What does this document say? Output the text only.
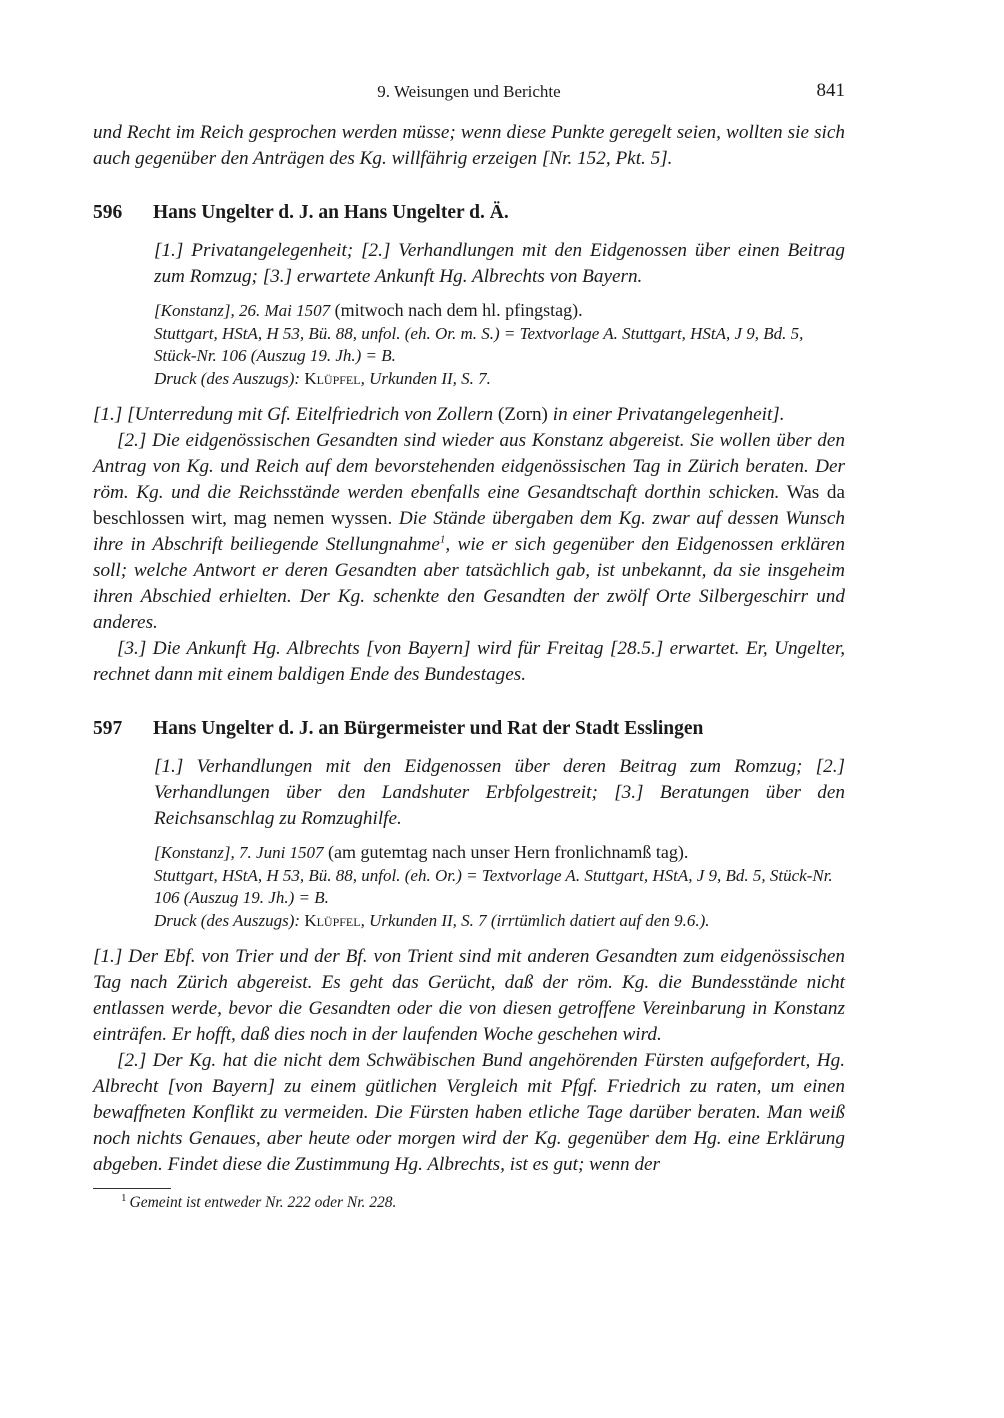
9. Weisungen und Berichte	841

und Recht im Reich gesprochen werden müsse; wenn diese Punkte geregelt seien, wollten sie sich auch gegenüber den Anträgen des Kg. willfährig erzeigen [Nr. 152, Pkt. 5].

596	Hans Ungelter d. J. an Hans Ungelter d. Ä.
[1.] Privatangelegenheit; [2.] Verhandlungen mit den Eidgenossen über einen Beitrag zum Romzug; [3.] erwartete Ankunft Hg. Albrechts von Bayern.
[Konstanz], 26. Mai 1507 (mitwoch nach dem hl. pfingstag).
Stuttgart, HStA, H 53, Bü. 88, unfol. (eh. Or. m. S.) = Textvorlage A. Stuttgart, HStA, J 9, Bd. 5, Stück-Nr. 106 (Auszug 19. Jh.) = B.
Druck (des Auszugs): Klüpfel, Urkunden II, S. 7.

[1.] [Unterredung mit Gf. Eitelfriedrich von Zollern (Zorn) in einer Privatangelegenheit].

[2.] Die eidgenössischen Gesandten sind wieder aus Konstanz abgereist. Sie wollen über den Antrag von Kg. und Reich auf dem bevorstehenden eidgenössischen Tag in Zürich beraten. Der röm. Kg. und die Reichsstände werden ebenfalls eine Gesandtschaft dorthin schicken. Was da beschlossen wirt, mag nemen wyssen. Die Stände übergaben dem Kg. zwar auf dessen Wunsch ihre in Abschrift beiliegende Stellungnahme$^1$, wie er sich gegenüber den Eidgenossen erklären soll; welche Antwort er deren Gesandten aber tatsächlich gab, ist unbekannt, da sie insgeheim ihren Abschied erhielten. Der Kg. schenkte den Gesandten der zwölf Orte Silbergeschirr und anderes.

[3.] Die Ankunft Hg. Albrechts [von Bayern] wird für Freitag [28.5.] erwartet. Er, Ungelter, rechnet dann mit einem baldigen Ende des Bundestages.

597	Hans Ungelter d. J. an Bürgermeister und Rat der Stadt Esslingen
[1.] Verhandlungen mit den Eidgenossen über deren Beitrag zum Romzug; [2.] Verhandlungen über den Landshuter Erbfolgestreit; [3.] Beratungen über den Reichsanschlag zu Romzughilfe.
[Konstanz], 7. Juni 1507 (am gutemtag nach unser Hern fronlichnamß tag).
Stuttgart, HStA, H 53, Bü. 88, unfol. (eh. Or.) = Textvorlage A. Stuttgart, HStA, J 9, Bd. 5, Stück-Nr. 106 (Auszug 19. Jh.) = B.
Druck (des Auszugs): Klüpfel, Urkunden II, S. 7 (irrtümlich datiert auf den 9.6.).

[1.] Der Ebf. von Trier und der Bf. von Trient sind mit anderen Gesandten zum eidgenössischen Tag nach Zürich abgereist. Es geht das Gerücht, daß der röm. Kg. die Bundesstände nicht entlassen werde, bevor die Gesandten oder die von diesen getroffene Vereinbarung in Konstanz einträfen. Er hofft, daß dies noch in der laufenden Woche geschehen wird.

[2.] Der Kg. hat die nicht dem Schwäbischen Bund angehörenden Fürsten aufgefordert, Hg. Albrecht [von Bayern] zu einem gütlichen Vergleich mit Pfgf. Friedrich zu raten, um einen bewaffneten Konflikt zu vermeiden. Die Fürsten haben etliche Tage darüber beraten. Man weiß noch nichts Genaues, aber heute oder morgen wird der Kg. gegenüber dem Hg. eine Erklärung abgeben. Findet diese die Zustimmung Hg. Albrechts, ist es gut; wenn der

$^1$ Gemeint ist entweder Nr. 222 oder Nr. 228.
